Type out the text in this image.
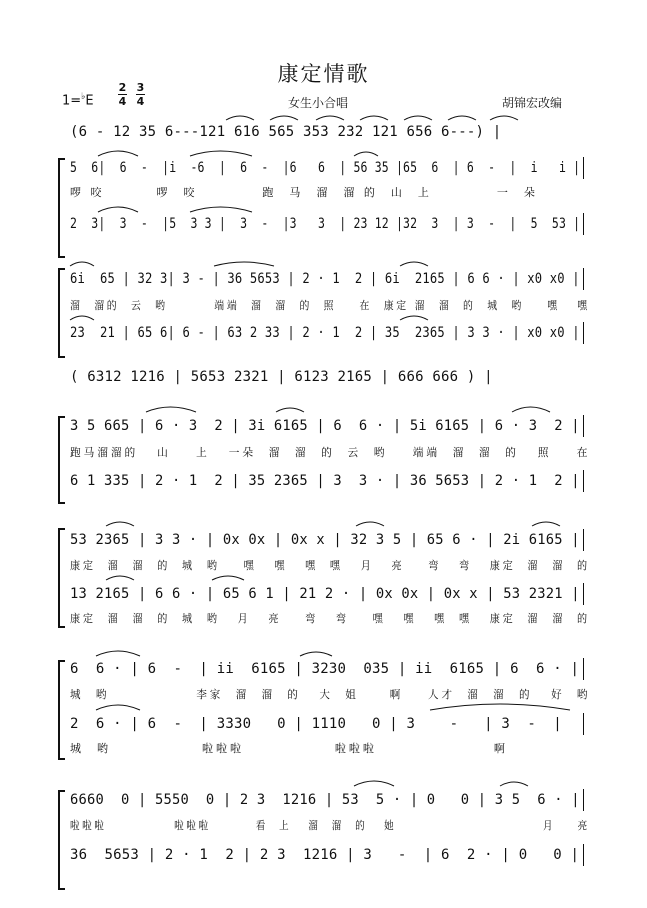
康定情歌
1=♭E
2
4
3
4	女生小合唱	胡锦宏改编
(6 - 12 35 6---121 616 565 353 232 121 656 6---) |
5  6|  6  -  |i  -6  |  6  -  |6   6  | 56 35 |65  6  | 6  -  |  i   i |
啰 咬        啰  咬          跑  马  溜  溜 的  山  上          一  朵
2  3|  3  -  |5  3 3 |  3  -  |3   3  | 23 12 |32  3  | 3  -  |  5  53 |
6i  65 | 32 3| 3 - | 36 5653 | 2 · 1  2 | 6i  2165 | 6 6 · | x0 x0 |
溜  溜的  云  哟        端端  溜  溜  的  照    在  康定 溜  溜  的  城  哟    嘿   嘿
23  21 | 65 6| 6 - | 63 2 33 | 2 · 1  2 | 35  2365 | 3 3 · | x0 x0 |
( 6312 1216 | 5653 2321 | 6123 2165 | 666 666 ) |
3 5 665 | 6 · 3  2 | 3i 6165 | 6  6 · | 5i 6165 | 6 · 3  2 |
跑马溜溜的   山    上   一朵  溜  溜  的  云  哟    端端  溜  溜  的   照    在
6 1 335 | 2 · 1  2 | 35 2365 | 3  3 · | 36 5653 | 2 · 1  2 |
53 2365 | 3 3 · | 0x 0x | 0x x | 32 3 5 | 65 6 · | 2i 6165 |
康定  溜  溜  的  城  哟    嘿   嘿   嘿  嘿   月   亮    弯   弯   康定  溜  溜  的
13 2165 | 6 6 · | 65 6 1 | 21 2 · | 0x 0x | 0x x | 53 2321 |
康定  溜  溜  的  城  哟   月   亮    弯   弯    嘿   嘿   嘿  嘿   康定  溜  溜  的
6  6 · | 6  -  | ii  6165 | 3230  035 | ii  6165 | 6  6 · |
城  哟              李家  溜  溜  的   大  姐     啊    人才  溜  溜  的   好  哟
2  6 · | 6  -  | 3330   0 | 1110   0 | 3    -   | 3  -  |
城  哟              啦啦啦              啦啦啦                  啊
6660  0 | 5550  0 | 2 3  1216 | 53  5 · | 0   0 | 3 5  6 · |
啦啦啦            啦啦啦        看  上   溜  溜  的   她                          月    亮
36  5653 | 2 · 1  2 | 2 3  1216 | 3   -  | 6  2 · | 0   0 |
